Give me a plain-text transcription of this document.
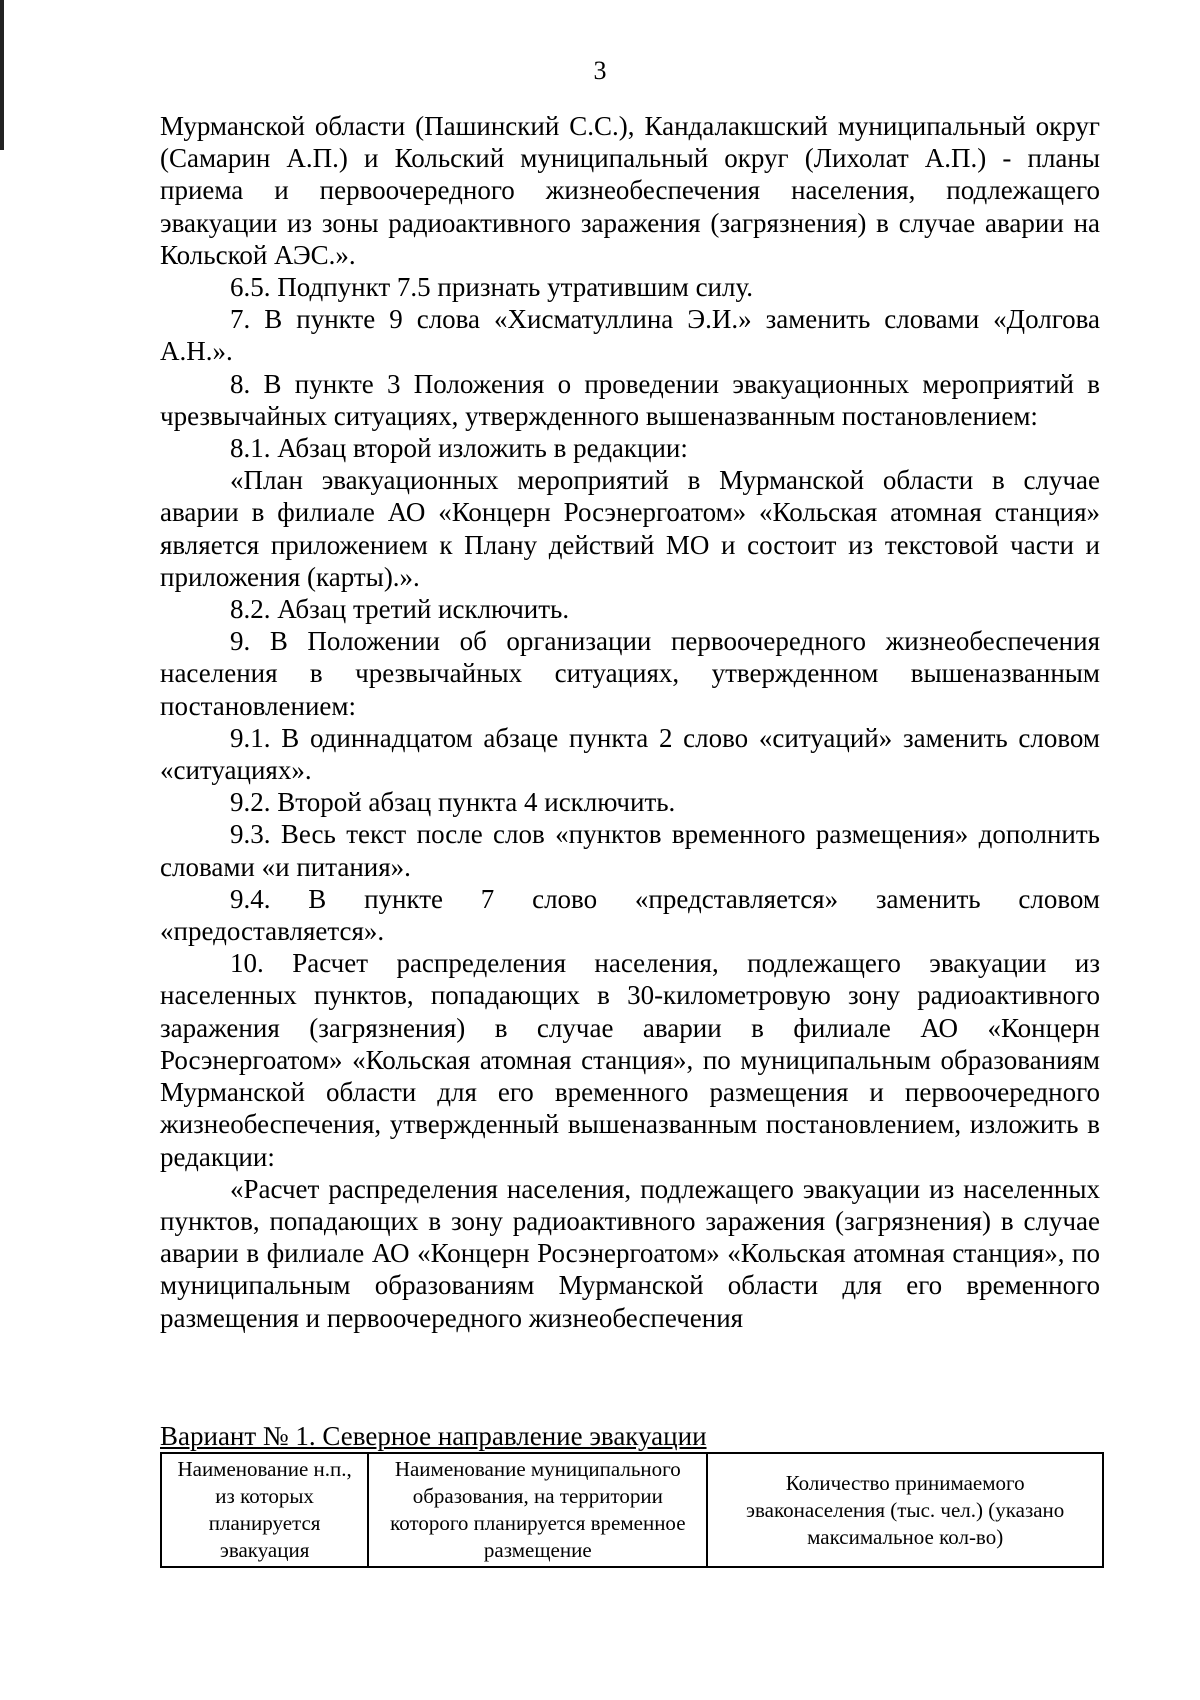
3

Мурманской области (Пашинский С.С.), Кандалакшский муниципальный округ (Самарин А.П.) и Кольский муниципальный округ (Лихолат А.П.) - планы приема и первоочередного жизнеобеспечения населения, подлежащего эвакуации из зоны радиоактивного заражения (загрязнения) в случае аварии на Кольской АЭС.».

6.5. Подпункт 7.5 признать утратившим силу.

7. В пункте 9 слова «Хисматуллина Э.И.» заменить словами «Долгова А.Н.».

8. В пункте 3 Положения о проведении эвакуационных мероприятий в чрезвычайных ситуациях, утвержденного вышеназванным постановлением:

8.1. Абзац второй изложить в редакции:

«План эвакуационных мероприятий в Мурманской области в случае аварии в филиале АО «Концерн Росэнергоатом» «Кольская атомная станция» является приложением к Плану действий МО и состоит из текстовой части и приложения (карты).».

8.2. Абзац третий исключить.

9. В Положении об организации первоочередного жизнеобеспечения населения в чрезвычайных ситуациях, утвержденном вышеназванным постановлением:

9.1. В одиннадцатом абзаце пункта 2 слово «ситуаций» заменить словом «ситуациях».

9.2. Второй абзац пункта 4 исключить.

9.3. Весь текст после слов «пунктов временного размещения» дополнить словами «и питания».

9.4. В пункте 7 слово «представляется» заменить словом «предоставляется».

10. Расчет распределения населения, подлежащего эвакуации из населенных пунктов, попадающих в 30-километровую зону радиоактивного заражения (загрязнения) в случае аварии в филиале АО «Концерн Росэнергоатом» «Кольская атомная станция», по муниципальным образованиям Мурманской области для его временного размещения и первоочередного жизнеобеспечения, утвержденный вышеназванным постановлением, изложить в редакции:

«Расчет распределения населения, подлежащего эвакуации из населенных пунктов, попадающих в зону радиоактивного заражения (загрязнения) в случае аварии в филиале АО «Концерн Росэнергоатом» «Кольская атомная станция», по муниципальным образованиям Мурманской области для его временного размещения и первоочередного жизнеобеспечения

Вариант № 1. Северное направление эвакуации
Наименование н.п., из которых планируется эвакуация	Наименование муниципального образования, на территории которого планируется временное размещение	Количество принимаемого эваконаселения (тыс. чел.) (указано максимальное кол-во)
